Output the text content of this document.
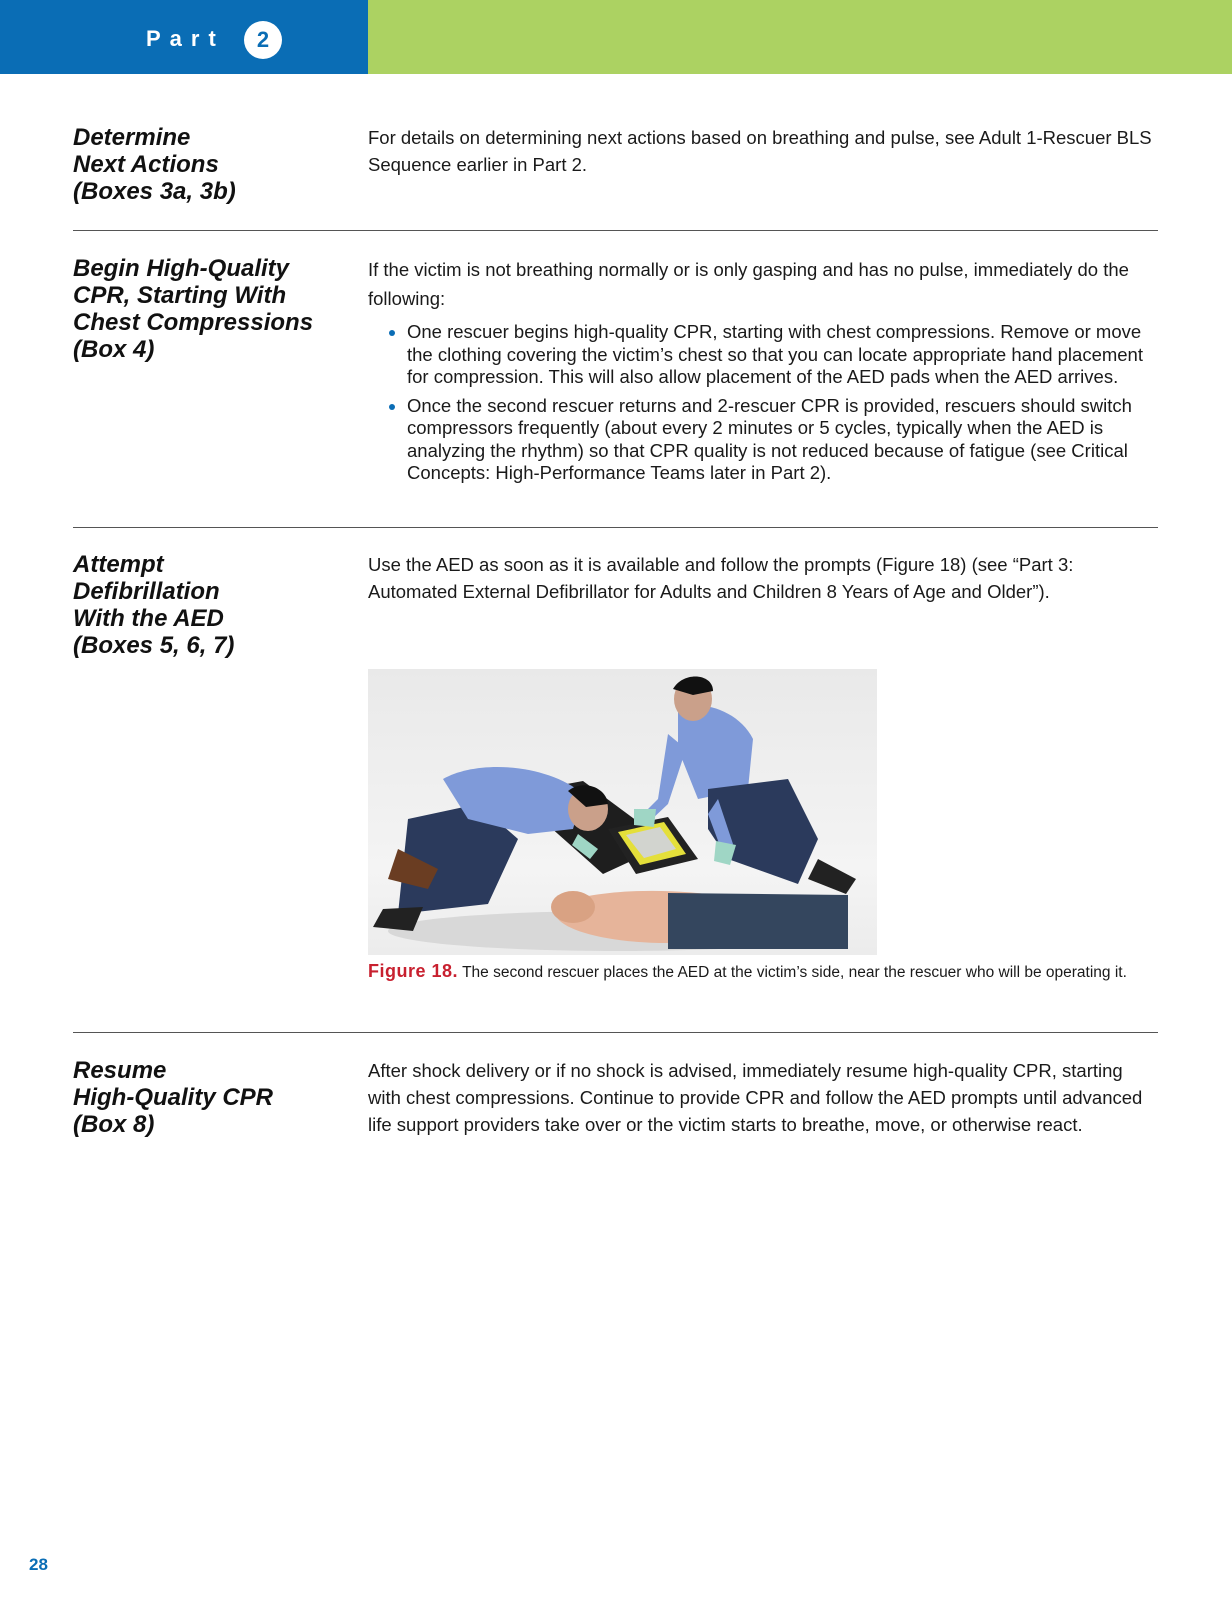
Part	2
Determine
Next Actions
(Boxes 3a, 3b)
For details on determining next actions based on breathing and pulse, see Adult 1-Rescuer BLS Sequence earlier in Part 2.
Begin High-Quality
CPR, Starting With
Chest Compressions
(Box 4)
If the victim is not breathing normally or is only gasping and has no pulse, immediately do the following:
One rescuer begins high-quality CPR, starting with chest compressions. Remove or move the clothing covering the victim’s chest so that you can locate appropriate hand placement for compression. This will also allow placement of the AED pads when the AED arrives.
Once the second rescuer returns and 2-rescuer CPR is provided, rescuers should switch compressors frequently (about every 2 minutes or 5 cycles, typically when the AED is analyzing the rhythm) so that CPR quality is not reduced because of fatigue (see Critical Concepts: High-Performance Teams later in Part 2).
Attempt
Defibrillation
With the AED
(Boxes 5, 6, 7)
Use the AED as soon as it is available and follow the prompts (Figure 18) (see “Part 3: Automated External Defibrillator for Adults and Children 8 Years of Age and Older”).
Figure 18. The second rescuer places the AED at the victim’s side, near the rescuer who will be operating it.
Resume
High-Quality CPR
(Box 8)
After shock delivery or if no shock is advised, immediately resume high-quality CPR, starting with chest compressions. Continue to provide CPR and follow the AED prompts until advanced life support providers take over or the victim starts to breathe, move, or otherwise react.
28
